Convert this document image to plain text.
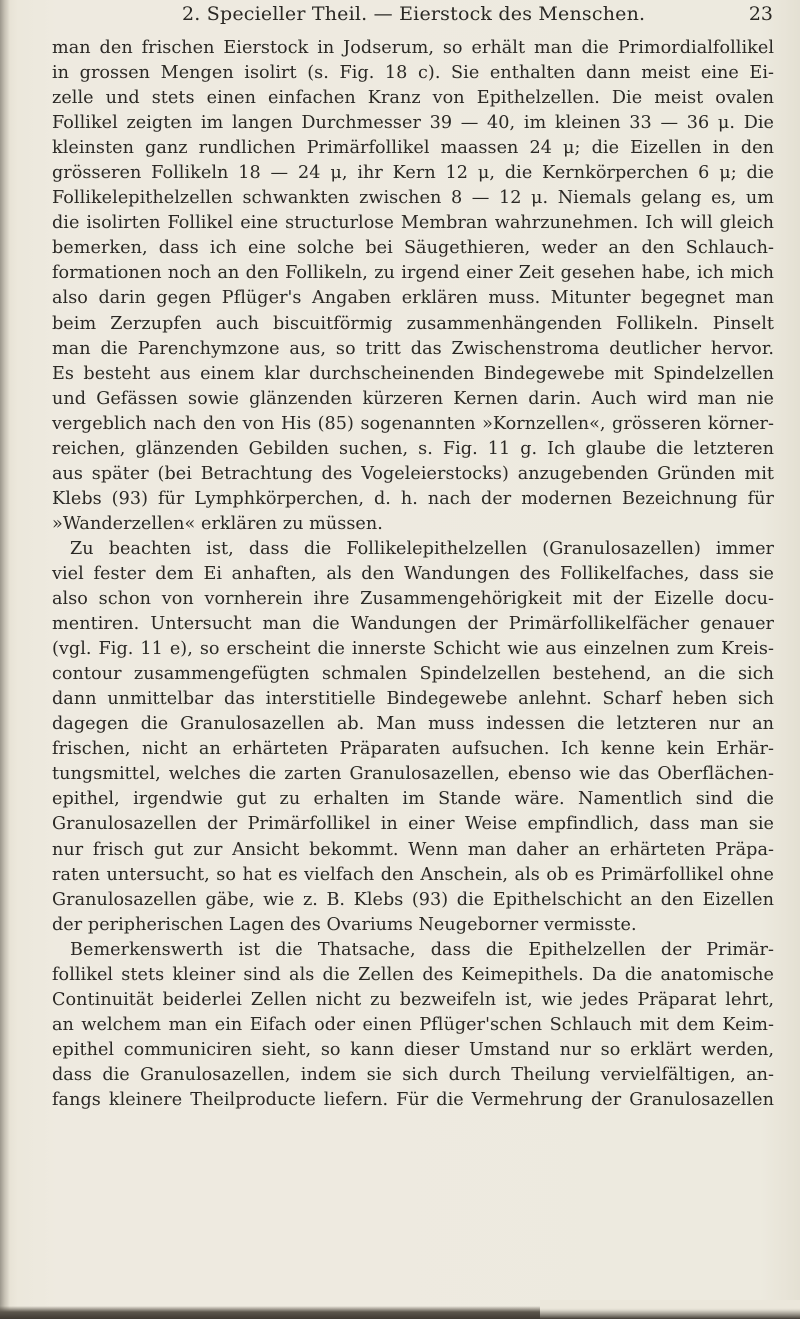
2. Specieller Theil. — Eierstock des Menschen.	23
man den frischen Eierstock in Jodserum, so erhält man die Primordialfollikel
in grossen Mengen isolirt (s. Fig. 18 c). Sie enthalten dann meist eine Ei-
zelle und stets einen einfachen Kranz von Epithelzellen. Die meist ovalen
Follikel zeigten im langen Durchmesser 39 — 40, im kleinen 33 — 36 μ. Die
kleinsten ganz rundlichen Primärfollikel maassen 24 μ; die Eizellen in den
grösseren Follikeln 18 — 24 μ, ihr Kern 12 μ, die Kernkörperchen 6 μ; die
Follikelepithelzellen schwankten zwischen 8 — 12 μ. Niemals gelang es, um
die isolirten Follikel eine structurlose Membran wahrzunehmen. Ich will gleich
bemerken, dass ich eine solche bei Säugethieren, weder an den Schlauch-
formationen noch an den Follikeln, zu irgend einer Zeit gesehen habe, ich mich
also darin gegen Pflüger's Angaben erklären muss. Mitunter begegnet man
beim Zerzupfen auch biscuitförmig zusammenhängenden Follikeln. Pinselt
man die Parenchymzone aus, so tritt das Zwischenstroma deutlicher hervor.
Es besteht aus einem klar durchscheinenden Bindegewebe mit Spindelzellen
und Gefässen sowie glänzenden kürzeren Kernen darin. Auch wird man nie
vergeblich nach den von His (85) sogenannten »Kornzellen«, grösseren körner-
reichen, glänzenden Gebilden suchen, s. Fig. 11 g. Ich glaube die letzteren
aus später (bei Betrachtung des Vogeleierstocks) anzugebenden Gründen mit
Klebs (93) für Lymphkörperchen, d. h. nach der modernen Bezeichnung für
»Wanderzellen« erklären zu müssen.
Zu beachten ist, dass die Follikelepithelzellen (Granulosazellen) immer
viel fester dem Ei anhaften, als den Wandungen des Follikelfaches, dass sie
also schon von vornherein ihre Zusammengehörigkeit mit der Eizelle docu-
mentiren. Untersucht man die Wandungen der Primärfollikelfächer genauer
(vgl. Fig. 11 e), so erscheint die innerste Schicht wie aus einzelnen zum Kreis-
contour zusammengefügten schmalen Spindelzellen bestehend, an die sich
dann unmittelbar das interstitielle Bindegewebe anlehnt. Scharf heben sich
dagegen die Granulosazellen ab. Man muss indessen die letzteren nur an
frischen, nicht an erhärteten Präparaten aufsuchen. Ich kenne kein Erhär-
tungsmittel, welches die zarten Granulosazellen, ebenso wie das Oberflächen-
epithel, irgendwie gut zu erhalten im Stande wäre. Namentlich sind die
Granulosazellen der Primärfollikel in einer Weise empfindlich, dass man sie
nur frisch gut zur Ansicht bekommt. Wenn man daher an erhärteten Präpa-
raten untersucht, so hat es vielfach den Anschein, als ob es Primärfollikel ohne
Granulosazellen gäbe, wie z. B. Klebs (93) die Epithelschicht an den Eizellen
der peripherischen Lagen des Ovariums Neugeborner vermisste.
Bemerkenswerth ist die Thatsache, dass die Epithelzellen der Primär-
follikel stets kleiner sind als die Zellen des Keimepithels. Da die anatomische
Continuität beiderlei Zellen nicht zu bezweifeln ist, wie jedes Präparat lehrt,
an welchem man ein Eifach oder einen Pflüger'schen Schlauch mit dem Keim-
epithel communiciren sieht, so kann dieser Umstand nur so erklärt werden,
dass die Granulosazellen, indem sie sich durch Theilung vervielfältigen, an-
fangs kleinere Theilproducte liefern. Für die Vermehrung der Granulosazellen
